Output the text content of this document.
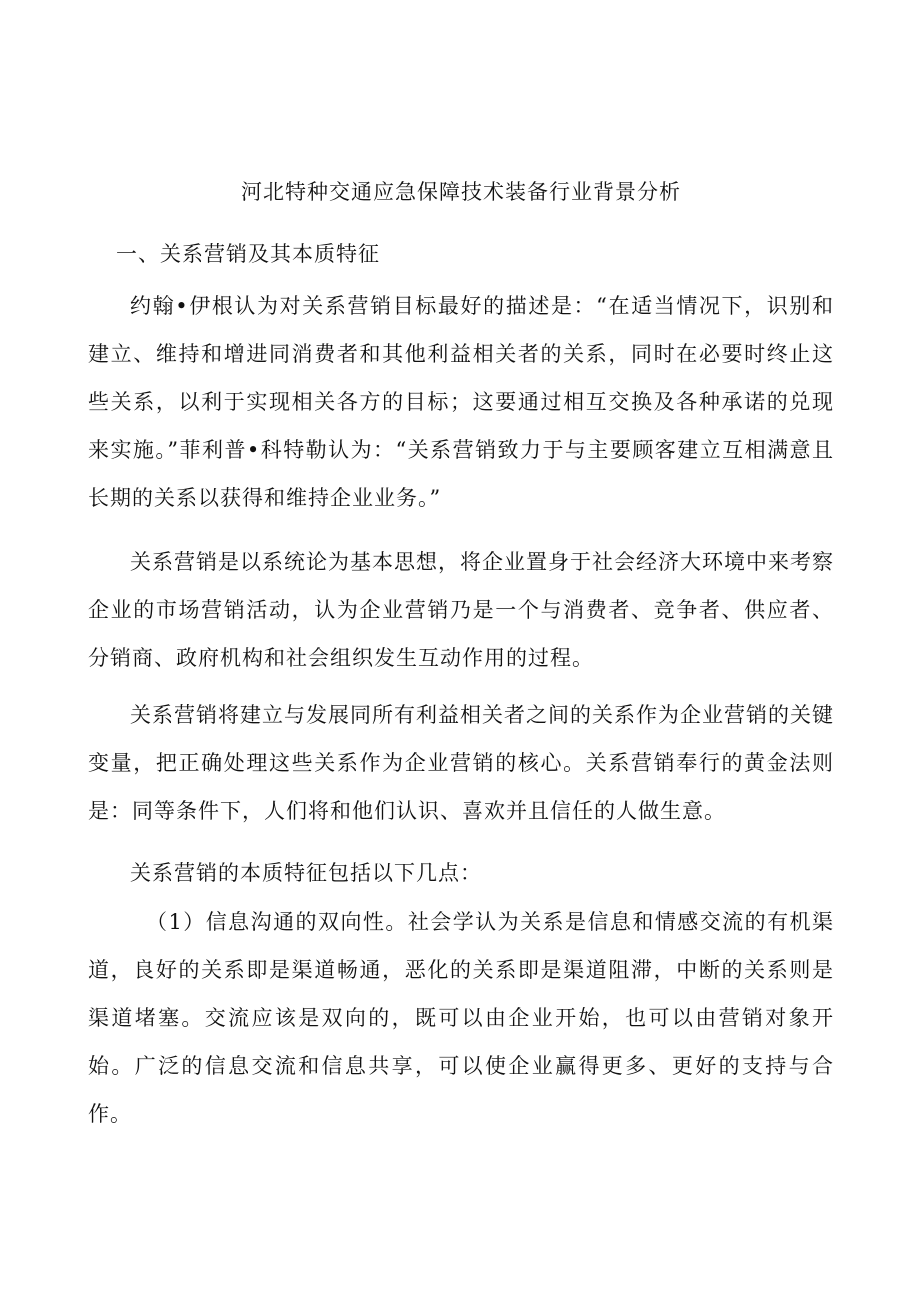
河北特种交通应急保障技术装备行业背景分析
一、关系营销及其本质特征

约翰•伊根认为对关系营销目标最好的描述是：“在适当情况下，识别和建立、维持和增进同消费者和其他利益相关者的关系，同时在必要时终止这些关系，以利于实现相关各方的目标；这要通过相互交换及各种承诺的兑现来实施。”菲利普•科特勒认为：“关系营销致力于与主要顾客建立互相满意且长期的关系以获得和维持企业业务。”

关系营销是以系统论为基本思想，将企业置身于社会经济大环境中来考察企业的市场营销活动，认为企业营销乃是一个与消费者、竞争者、供应者、分销商、政府机构和社会组织发生互动作用的过程。

关系营销将建立与发展同所有利益相关者之间的关系作为企业营销的关键变量，把正确处理这些关系作为企业营销的核心。关系营销奉行的黄金法则是：同等条件下，人们将和他们认识、喜欢并且信任的人做生意。

关系营销的本质特征包括以下几点：

（1）信息沟通的双向性。社会学认为关系是信息和情感交流的有机渠道，良好的关系即是渠道畅通，恶化的关系即是渠道阻滞，中断的关系则是渠道堵塞。交流应该是双向的，既可以由企业开始，也可以由营销对象开始。广泛的信息交流和信息共享，可以使企业赢得更多、更好的支持与合作。
